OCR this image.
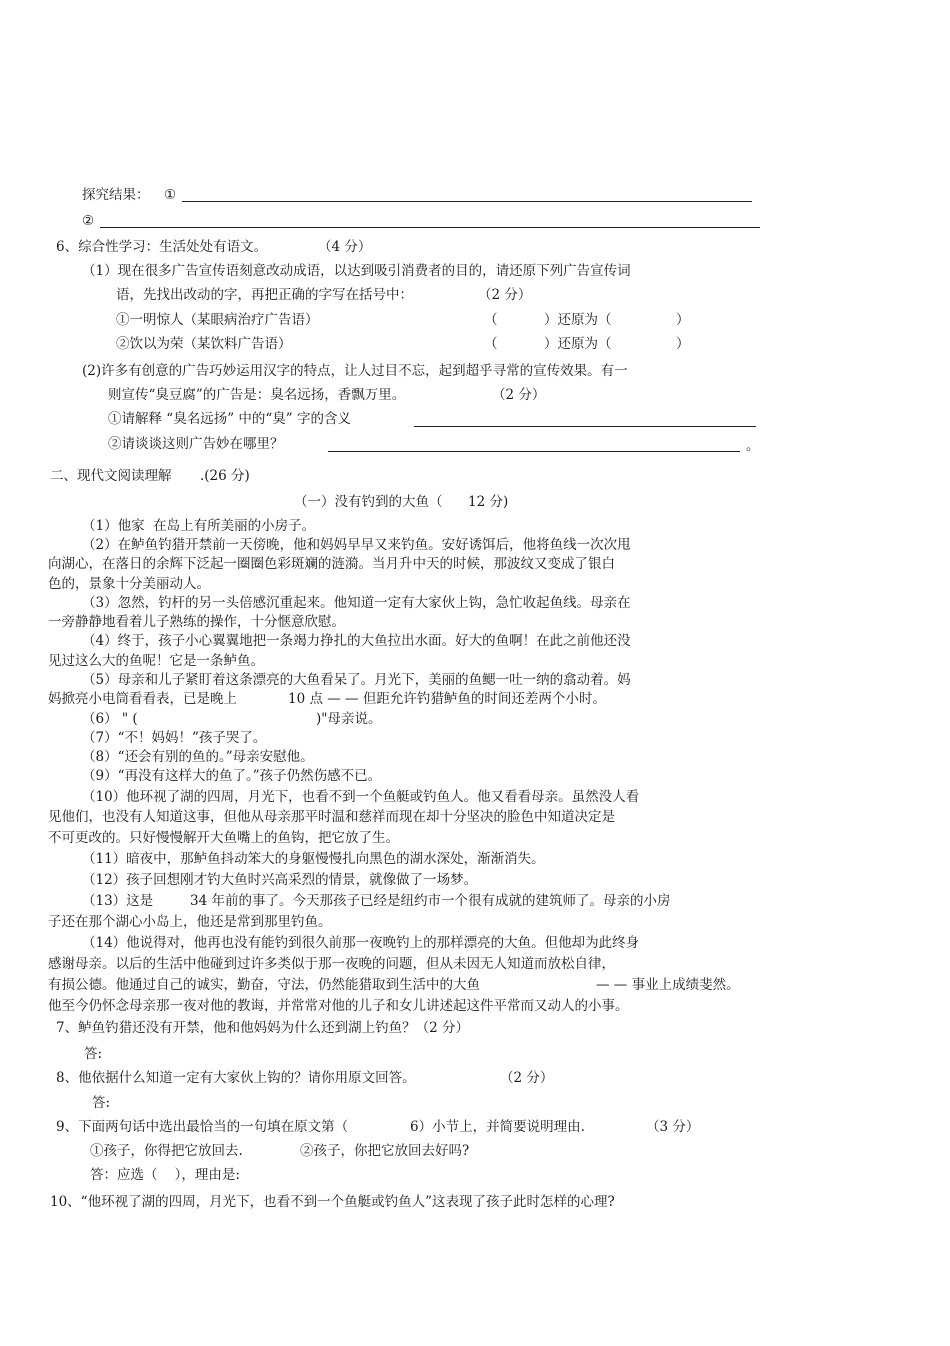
探究结果： ①
②
6、综合性学习：生活处处有语文。	（4 分）
（1）现在很多广告宣传语刻意改动成语，以达到吸引消费者的目的，请还原下列广告宣传词
语，先找出改动的字，再把正确的字写在括号中：	（2 分）
①一明惊人（某眼病治疗广告语）	（	）还原为（	）
②饮以为荣（某饮料广告语）	（	）还原为（	）
(2)许多有创意的广告巧妙运用汉字的特点，让人过目不忘，起到超乎寻常的宣传效果。有一
则宣传“臭豆腐”的广告是：臭名远扬，香飘万里。	（2 分）
①请解释 “臭名远扬” 中的“臭” 字的含义
②请谈谈这则广告妙在哪里？	。
二、现代文阅读理解 .(26 分)
（一）没有钓到的大鱼（ 12 分)
（1）他家  在岛上有所美丽的小房子。
（2）在鲈鱼钓猎开禁前一天傍晚，他和妈妈早早又来钓鱼。安好诱饵后，他将鱼线一次次甩
向湖心，在落日的余辉下泛起一圈圈色彩斑斓的涟漪。当月升中天的时候，那波纹又变成了银白
色的，景象十分美丽动人。
（3）忽然，钓杆的另一头倍感沉重起来。他知道一定有大家伙上钩，急忙收起鱼线。母亲在
一旁静静地看着儿子熟练的操作，十分惬意欣慰。
（4）终于，孩子小心翼翼地把一条竭力挣扎的大鱼拉出水面。好大的鱼啊！在此之前他还没
见过这么大的鱼呢！它是一条鲈鱼。
（5）母亲和儿子紧盯着这条漂亮的大鱼看呆了。月光下，美丽的鱼鳃一吐一纳的翕动着。妈
妈掀亮小电筒看看表，已是晚上	10 点 — — 但距允许钓猎鲈鱼的时间还差两个小时。
（6） " (	)"母亲说。
（7）“不！妈妈！”孩子哭了。
（8）“还会有别的鱼的。”母亲安慰他。
（9）“再没有这样大的鱼了。”孩子仍然伤感不已。
（10）他环视了湖的四周，月光下，也看不到一个鱼艇或钓鱼人。他又看看母亲。虽然没人看
见他们，也没有人知道这事，但他从母亲那平时温和慈祥而现在却十分坚决的脸色中知道决定是
不可更改的。只好慢慢解开大鱼嘴上的鱼钩，把它放了生。
（11）暗夜中，那鲈鱼抖动笨大的身躯慢慢扎向黑色的湖水深处，渐渐消失。
（12）孩子回想刚才钓大鱼时兴高采烈的情景，就像做了一场梦。
（13）这是	34 年前的事了。今天那孩子已经是纽约市一个很有成就的建筑师了。母亲的小房
子还在那个湖心小岛上，他还是常到那里钓鱼。
（14）他说得对，他再也没有能钓到很久前那一夜晚钓上的那样漂亮的大鱼。但他却为此终身
感谢母亲。以后的生活中他碰到过许多类似于那一夜晚的问题，但从未因无人知道而放松自律，
有损公德。他通过自己的诚实，勤奋，守法，仍然能猎取到生活中的大鱼	— — 事业上成绩斐然。
他至今仍怀念母亲那一夜对他的教诲，并常常对他的儿子和女儿讲述起这件平常而又动人的小事。
7、鲈鱼钓猎还没有开禁，他和他妈妈为什么还到湖上钓鱼？（2 分）
答:
8、他依据什么知道一定有大家伙上钩的？请你用原文回答。	（2 分）
答:
9、下面两句话中选出最恰当的一句填在原文第（	6）小节上，并简要说明理由.	（3 分）
①孩子，你得把它放回去.	②孩子，你把它放回去好吗?
答：应选（    ），理由是:
10、“他环视了湖的四周，月光下，也看不到一个鱼艇或钓鱼人”这表现了孩子此时怎样的心理?
